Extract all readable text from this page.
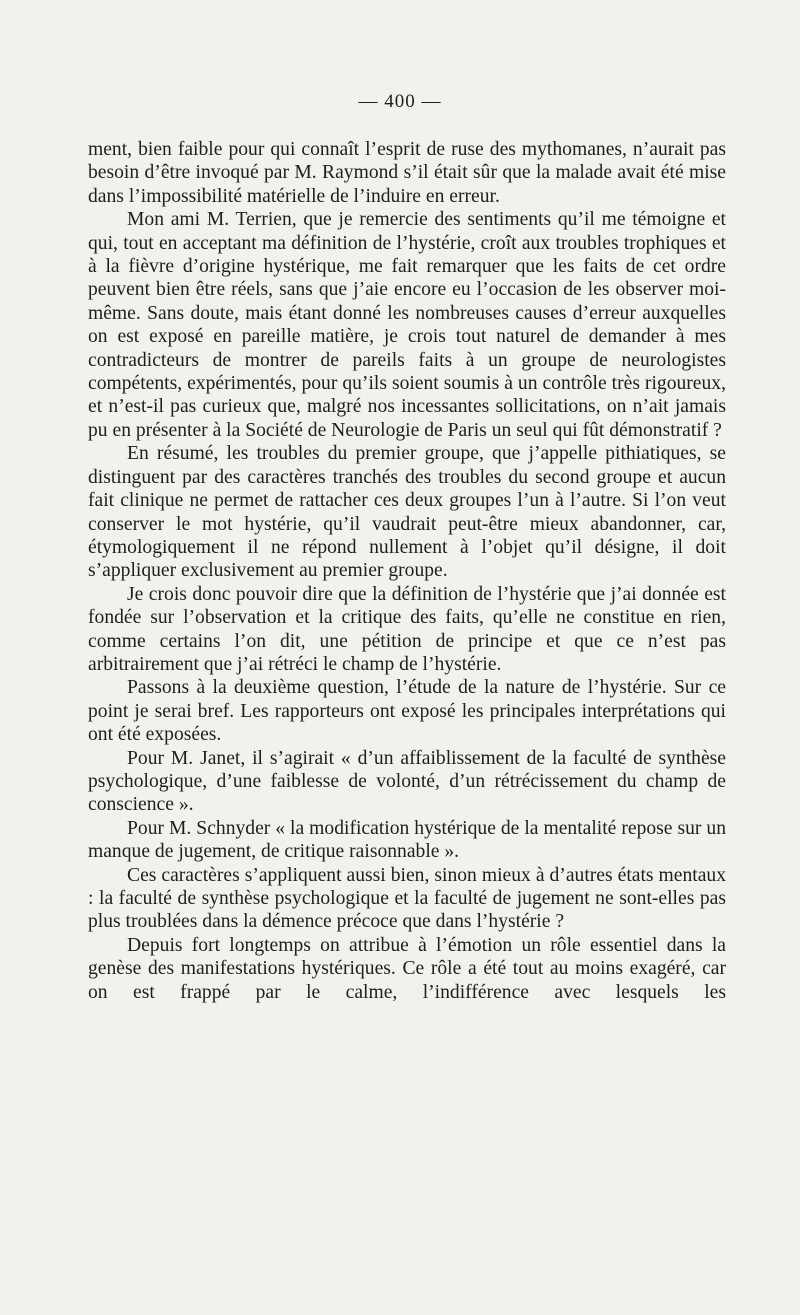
— 400 —

ment, bien faible pour qui connaît l’esprit de ruse des mythomanes, n’aurait pas besoin d’être invoqué par M. Raymond s’il était sûr que la malade avait été mise dans l’impossibilité matérielle de l’induire en erreur.

Mon ami M. Terrien, que je remercie des sentiments qu’il me témoigne et qui, tout en acceptant ma définition de l’hystérie, croît aux troubles trophiques et à la fièvre d’origine hystérique, me fait remarquer que les faits de cet ordre peuvent bien être réels, sans que j’aie encore eu l’occasion de les observer moi-même. Sans doute, mais étant donné les nombreuses causes d’erreur auxquelles on est exposé en pareille matière, je crois tout naturel de demander à mes contradicteurs de montrer de pareils faits à un groupe de neurologistes compétents, expérimentés, pour qu’ils soient soumis à un contrôle très rigoureux, et n’est-il pas curieux que, malgré nos incessantes sollicitations, on n’ait jamais pu en présenter à la Société de Neurologie de Paris un seul qui fût démonstratif ?

En résumé, les troubles du premier groupe, que j’appelle pithiatiques, se distinguent par des caractères tranchés des troubles du second groupe et aucun fait clinique ne permet de rattacher ces deux groupes l’un à l’autre. Si l’on veut conserver le mot hystérie, qu’il vaudrait peut-être mieux abandonner, car, étymologiquement il ne répond nullement à l’objet qu’il désigne, il doit s’appliquer exclusivement au premier groupe.

Je crois donc pouvoir dire que la définition de l’hystérie que j’ai donnée est fondée sur l’observation et la critique des faits, qu’elle ne constitue en rien, comme certains l’on dit, une pétition de principe et que ce n’est pas arbitrairement que j’ai rétréci le champ de l’hystérie.

Passons à la deuxième question, l’étude de la nature de l’hystérie. Sur ce point je serai bref. Les rapporteurs ont exposé les principales interprétations qui ont été exposées.

Pour M. Janet, il s’agirait « d’un affaiblissement de la faculté de synthèse psychologique, d’une faiblesse de volonté, d’un rétrécissement du champ de conscience ».

Pour M. Schnyder « la modification hystérique de la mentalité repose sur un manque de jugement, de critique raisonnable ».

Ces caractères s’appliquent aussi bien, sinon mieux à d’autres états mentaux : la faculté de synthèse psychologique et la faculté de jugement ne sont-elles pas plus troublées dans la démence précoce que dans l’hystérie ?

Depuis fort longtemps on attribue à l’émotion un rôle essentiel dans la genèse des manifestations hystériques. Ce rôle a été tout au moins exagéré, car on est frappé par le calme, l’indifférence avec lesquels les
